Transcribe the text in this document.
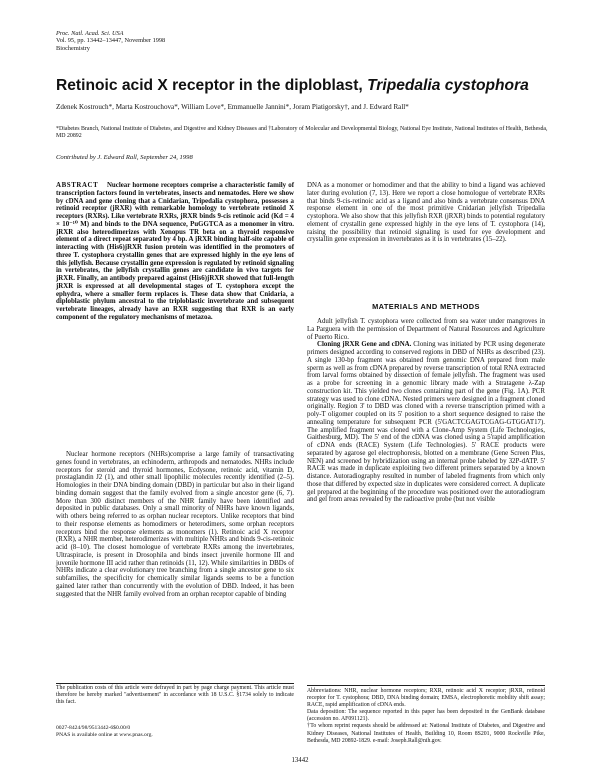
Proc. Natl. Acad. Sci. USA
Vol. 95, pp. 13442–13447, November 1998
Biochemistry
Retinoic acid X receptor in the diploblast, Tripedalia cystophora
Zdenek Kostrouch*, Marta Kostrouchova*, William Love*, Emmanuelle Jannini*, Joram Piatigorsky†, and J. Edward Rall*
*Diabetes Branch, National Institute of Diabetes, and Digestive and Kidney Diseases and †Laboratory of Molecular and Developmental Biology, National Eye Institute, National Institutes of Health, Bethesda, MD 20892
Contributed by J. Edward Rall, September 24, 1998
ABSTRACT Nuclear hormone receptors comprise a characteristic family of transcription factors found in vertebrates, insects and nematodes. Here we show by cDNA and gene cloning that a Cnidarian, Tripedalia cystophora, possesses a retinoid receptor (jRXR) with remarkable homology to vertebrate retinoid X receptors (RXRs). Like vertebrate RXRs, jRXR binds 9-cis retinoic acid (Kd = 4 × 10⁻¹⁰ M) and binds to the DNA sequence, PuGGTCA as a monomer in vitro. jRXR also heterodimerizes with Xenopus TR beta on a thyroid responsive element of a direct repeat separated by 4 bp. A jRXR binding half-site capable of interacting with (His6)jRXR fusion protein was identified in the promoters of three T. cystophora crystallin genes that are expressed highly in the eye lens of this jellyfish. Because crystallin gene expression is regulated by retinoid signaling in vertebrates, the jellyfish crystallin genes are candidate in vivo targets for jRXR. Finally, an antibody prepared against (His6)jRXR showed that full-length jRXR is expressed at all developmental stages of T. cystophora except the ephydra, where a smaller form replaces is. These data show that Cnidaria, a diploblastic phylum ancestral to the triploblastic invertebrate and subsequent vertebrate lineages, already have an RXR suggesting that RXR is an early component of the regulatory mechanisms of metazoa.
Nuclear hormone receptors (NHRs)comprise a large family of transactivating genes found in vertebrates, an echinoderm, arthropods and nematodes. NHRs include receptors for steroid and thyroid hormones, Ecdysone, retinoic acid, vitamin D, prostaglandin J2 (1), and other small lipophilic molecules recently identified (2–5). Homologies in their DNA binding domain (DBD) in particular but also in their ligand binding domain suggest that the family evolved from a single ancestor gene (6, 7). More than 300 distinct members of the NHR family have been identified and deposited in public databases. Only a small minority of NHRs have known ligands, with others being referred to as orphan nuclear receptors. Unlike receptors that bind to their response elements as homodimers or heterodimers, some orphan receptors receptors bind the response elements as monomers (1). Retinoic acid X receptor (RXR), a NHR member, heterodimerizes with multiple NHRs and binds 9-cis-retinoic acid (8–10). The closest homologue of vertebrate RXRs among the invertebrates, Ultraspiracle, is present in Drosophila and binds insect juvenile hormone III and juvenile hormone III acid rather than retinoids (11, 12). While similarities in DBDs of NHRs indicate a clear evolutionary tree branching from a single ancestor gene to six subfamilies, the specificity for chemically similar ligands seems to be a function gained later rather than concurrently with the evolution of DBD. Indeed, it has been suggested that the NHR family evolved from an orphan receptor capable of binding
DNA as a monomer or homodimer and that the ability to bind a ligand was achieved later during evolution (7, 13). Here we report a close homologue of vertebrate RXRs that binds 9-cis-retinoic acid as a ligand and also binds a vertebrate consensus DNA response element in one of the most primitive Cnidarian jellyfish Tripedalia cystophora. We also show that this jellyfish RXR (jRXR) binds to potential regulatory element of crystallin gene expressed highly in the eye lens of T. cystophora (14), raising the possibility that retinoid signaling is used for eye development and crystallin gene expression in invertebrates as it is in vertebrates (15–22).
MATERIALS AND METHODS
Adult jellyfish T. cystophora were collected from sea water under mangroves in La Parguera with the permission of Department of Natural Resources and Agriculture of Puerto Rico.
Cloning jRXR Gene and cDNA. Cloning was initiated by PCR using degenerate primers designed according to conserved regions in DBD of NHRs as described (23). A single 130-bp fragment was obtained from genomic DNA prepared from male sperm as well as from cDNA prepared by reverse transcription of total RNA extracted from larval forms obtained by dissection of female jellyfish. The fragment was used as a probe for screening in a genomic library made with a Stratagene λ-Zap construction kit. This yielded two clones containing part of the gene (Fig. 1A). PCR strategy was used to clone cDNA. Nested primers were designed in a fragment cloned originally. Region 3' to DBD was cloned with a reverse transcription primed with a poly-T oligomer coupled on its 5' position to a short sequence designed to raise the annealing temperature for subsequent PCR (5'GACTCGAGTCGAG-GTGGAT17). The amplified fragment was cloned with a Clone-Amp System (Life Technologies, Gaithesburg, MD). The 5' end of the cDNA was cloned using a 5'rapid amplification of cDNA ends (RACE) System (Life Technologies). 5' RACE products were separated by agarose gel electrophoresis, blotted on a membrane (Gene Screen Plus, NEN) and screened by hybridization using an internal probe labeled by 32P-dATP. 5' RACE was made in duplicate exploiting two different primers separated by a known distance. Autoradiography resulted in number of labeled fragments from which only those that differed by expected size in duplicates were considered correct. A duplicate gel prepared at the beginning of the procedure was positioned over the autoradiogram and gel from areas revealed by the radioactive probe (but not visible
The publication costs of this article were defrayed in part by page charge payment. This article must therefore be hereby marked "advertisement" in accordance with 18 U.S.C. §1734 solely to indicate this fact.
0027-8424/98/9513442-6$0.00/0
PNAS is available online at www.pnas.org.
Abbreviations: NHR, nuclear hormone receptors; RXR, retinoic acid X receptor; jRXR, retinoid receptor for T. cystophora; DBD, DNA binding domain; EMSA, electrophoretic mobility shift assay; RACE, rapid amplification of cDNA ends.
Data deposition: The sequence reported in this paper has been deposited in the GenBank database (accession no. AF091121).
†To whom reprint requests should be addressed at: National Institute of Diabetes, and Digestive and Kidney Diseases, National Institutes of Health, Building 10, Room 8S201, 9000 Rockville Pike, Bethesda, MD 20892-1829. e-mail: Joseph.Rall@nih.gov.
13442
